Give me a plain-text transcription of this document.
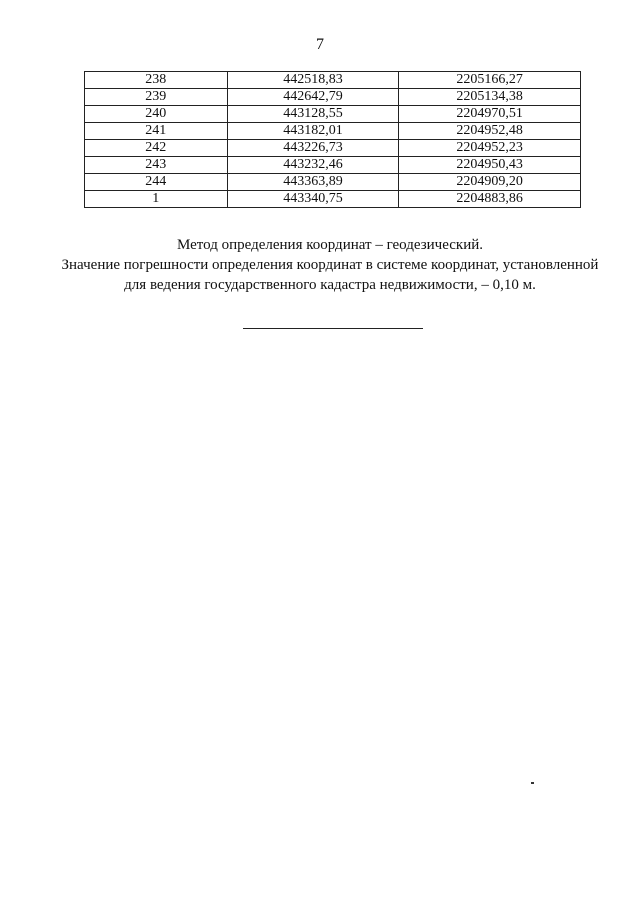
7
238	442518,83	2205166,27
239	442642,79	2205134,38
240	443128,55	2204970,51
241	443182,01	2204952,48
242	443226,73	2204952,23
243	443232,46	2204950,43
244	443363,89	2204909,20
1	443340,75	2204883,86

Метод определения координат – геодезический.

Значение погрешности определения координат в системе координат, установленной

для ведения государственного кадастра недвижимости, – 0,10 м.
